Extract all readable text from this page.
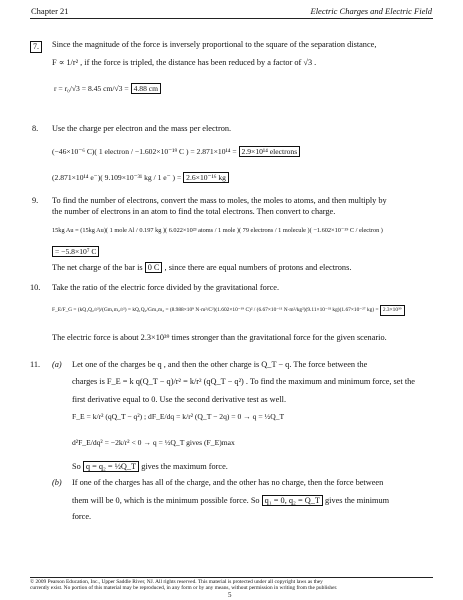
Chapter 21	Electric Charges and Electric Field
7.	Since the magnitude of the force is inversely proportional to the square of the separation distance,
F ∝ 1/r² , if the force is tripled, the distance has been reduced by a factor of √3 .
r = r₀/√3 = 8.45 cm/√3 = 4.88 cm
8. Use the charge per electron and the mass per electron.
(−46×10⁻⁶ C)( 1 electron / −1.602×10⁻¹⁹ C ) = 2.871×10¹⁴ = 2.9×10¹⁴ electrons
(2.871×10¹⁴ e⁻)( 9.109×10⁻³¹ kg / 1 e⁻ ) = 2.6×10⁻¹⁶ kg
9. To find the number of electrons, convert the mass to moles, the moles to atoms, and then multiply by
the number of electrons in an atom to find the total electrons. Then convert to charge.
15kg Au = (15kg Au)( 1 mole Al / 0.197 kg )( 6.022×10²³ atoms / 1 mole )( 79 electrons / 1 molecule )( −1.602×10⁻¹⁹ C / electron )
= −5.8×10⁷ C
The net charge of the bar is 0 C , since there are equal numbers of protons and electrons.
10. Take the ratio of the electric force divided by the gravitational force.
F_E/F_G = (kQ₁Q₂/r²)/(Gm₁m₂/r²) = kQ₁Q₂/Gm₁m₂ = (8.988×10⁹ N·m²/C²)(1.602×10⁻¹⁹ C)² / (6.67×10⁻¹¹ N·m²/kg²)(9.11×10⁻³¹ kg)(1.67×10⁻²⁷ kg) = 2.3×10³⁹
The electric force is about 2.3×10³⁹ times stronger than the gravitational force for the given scenario.
11. (a) Let one of the charges be q , and then the other charge is Q_T − q. The force between the
charges is F_E = k q(Q_T − q)/r² = k/r² (qQ_T − q²) . To find the maximum and minimum force, set the
first derivative equal to 0. Use the second derivative test as well.
F_E = k/r² (qQ_T − q²) ; dF_E/dq = k/r² (Q_T − 2q) = 0 → q = ½Q_T
d²F_E/dq² = −2k/r² < 0 → q = ½Q_T gives (F_E)max
So q = q₂ = ½Q_T gives the maximum force.
(b) If one of the charges has all of the charge, and the other has no charge, then the force between
them will be 0, which is the minimum possible force. So q₁ = 0, q₂ = Q_T gives the minimum
force.
© 2009 Pearson Education, Inc., Upper Saddle River, NJ. All rights reserved. This material is protected under all copyright laws as they
currently exist. No portion of this material may be reproduced, in any form or by any means, without permission in writing from the publisher.
5
